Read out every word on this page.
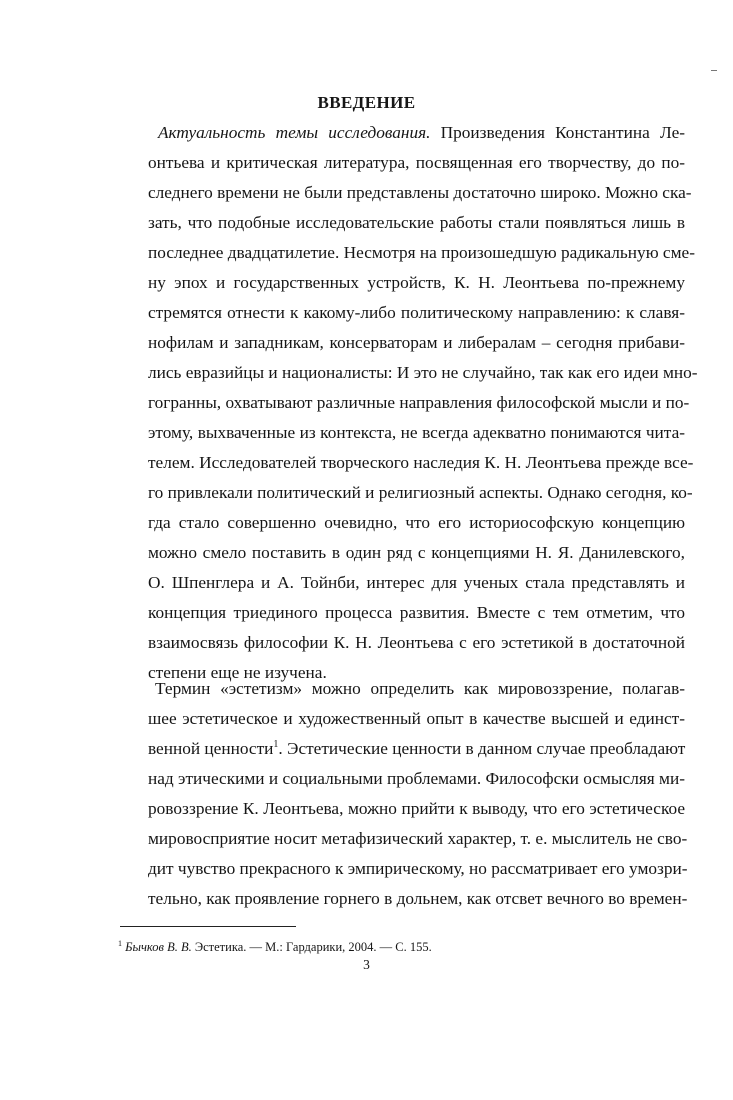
ВВЕДЕНИЕ
Актуальность темы исследования. Произведения Константина Ле-
онтьева и критическая литература, посвященная его творчеству, до по-
следнего времени не были представлены достаточно широко. Можно ска-
зать, что подобные исследовательские работы стали появляться лишь в
последнее двадцатилетие. Несмотря на произошедшую радикальную сме-
ну эпох и государственных устройств, К. Н. Леонтьева по-прежнему
стремятся отнести к какому-либо политическому направлению: к славя-
нофилам и западникам, консерваторам и либералам – сегодня прибави-
лись евразийцы и националисты: И это не случайно, так как его идеи мно-
гогранны, охватывают различные направления философской мысли и по-
этому, выхваченные из контекста, не всегда адекватно понимаются чита-
телем. Исследователей творческого наследия К. Н. Леонтьева прежде все-
го привлекали политический и религиозный аспекты. Однако сегодня, ко-
гда стало совершенно очевидно, что его историософскую концепцию
можно смело поставить в один ряд с концепциями Н. Я. Данилевского,
О. Шпенглера и А. Тойнби, интерес для ученых стала представлять и
концепция триединого процесса развития. Вместе с тем отметим, что
взаимосвязь философии К. Н. Леонтьева с его эстетикой в достаточной
степени еще не изучена.
Термин «эстетизм» можно определить как мировоззрение, полагав-
шее эстетическое и художественный опыт в качестве высшей и единст-
венной ценности$^1$. Эстетические ценности в данном случае преобладают
над этическими и социальными проблемами. Философски осмысляя ми-
ровоззрение К. Леонтьева, можно прийти к выводу, что его эстетическое
мировосприятие носит метафизический характер, т. е. мыслитель не сво-
дит чувство прекрасного к эмпирическому, но рассматривает его умозри-
тельно, как проявление горнего в дольнем, как отсвет вечного во времен-
$^1$ Бычков В. В. Эстетика. — М.: Гардарики, 2004. — С. 155.
3
